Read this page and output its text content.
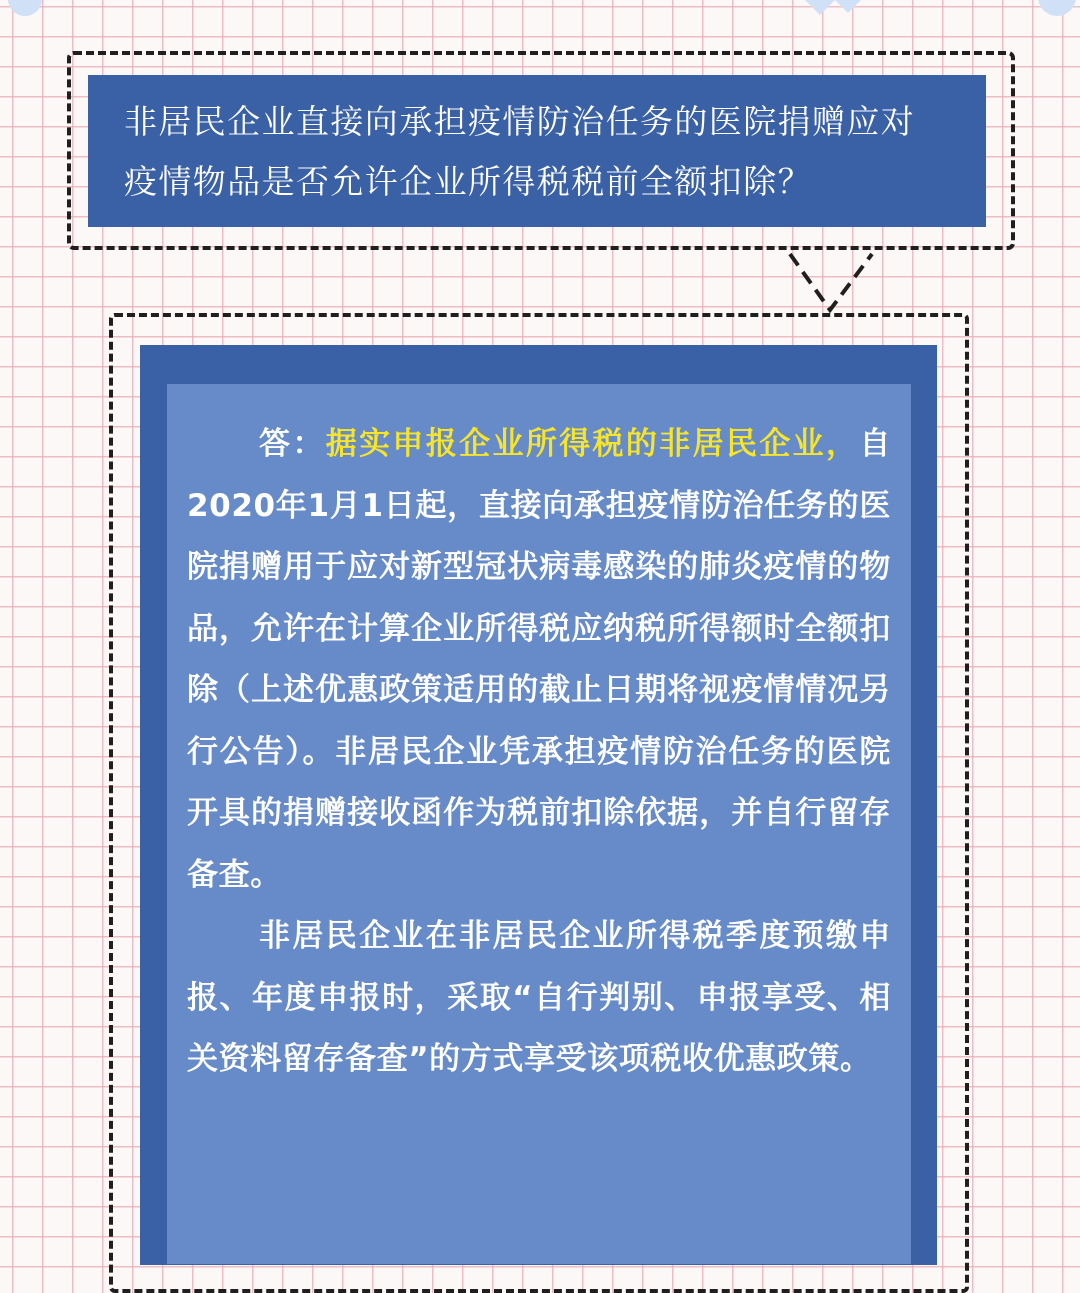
非居民企业直接向承担疫情防治任务的医院捐赠应对
疫情物品是否允许企业所得税税前全额扣除？

答：据实申报企业所得税的非居民企业，自2020年1月1日起，直接向承担疫情防治任务的医院捐赠用于应对新型冠状病毒感染的肺炎疫情的物品，允许在计算企业所得税应纳税所得额时全额扣除（上述优惠政策适用的截止日期将视疫情情况另行公告）。非居民企业凭承担疫情防治任务的医院开具的捐赠接收函作为税前扣除依据，并自行留存备查。

非居民企业在非居民企业所得税季度预缴申报、年度申报时，采取“自行判别、申报享受、相关资料留存备查”的方式享受该项税收优惠政策。
